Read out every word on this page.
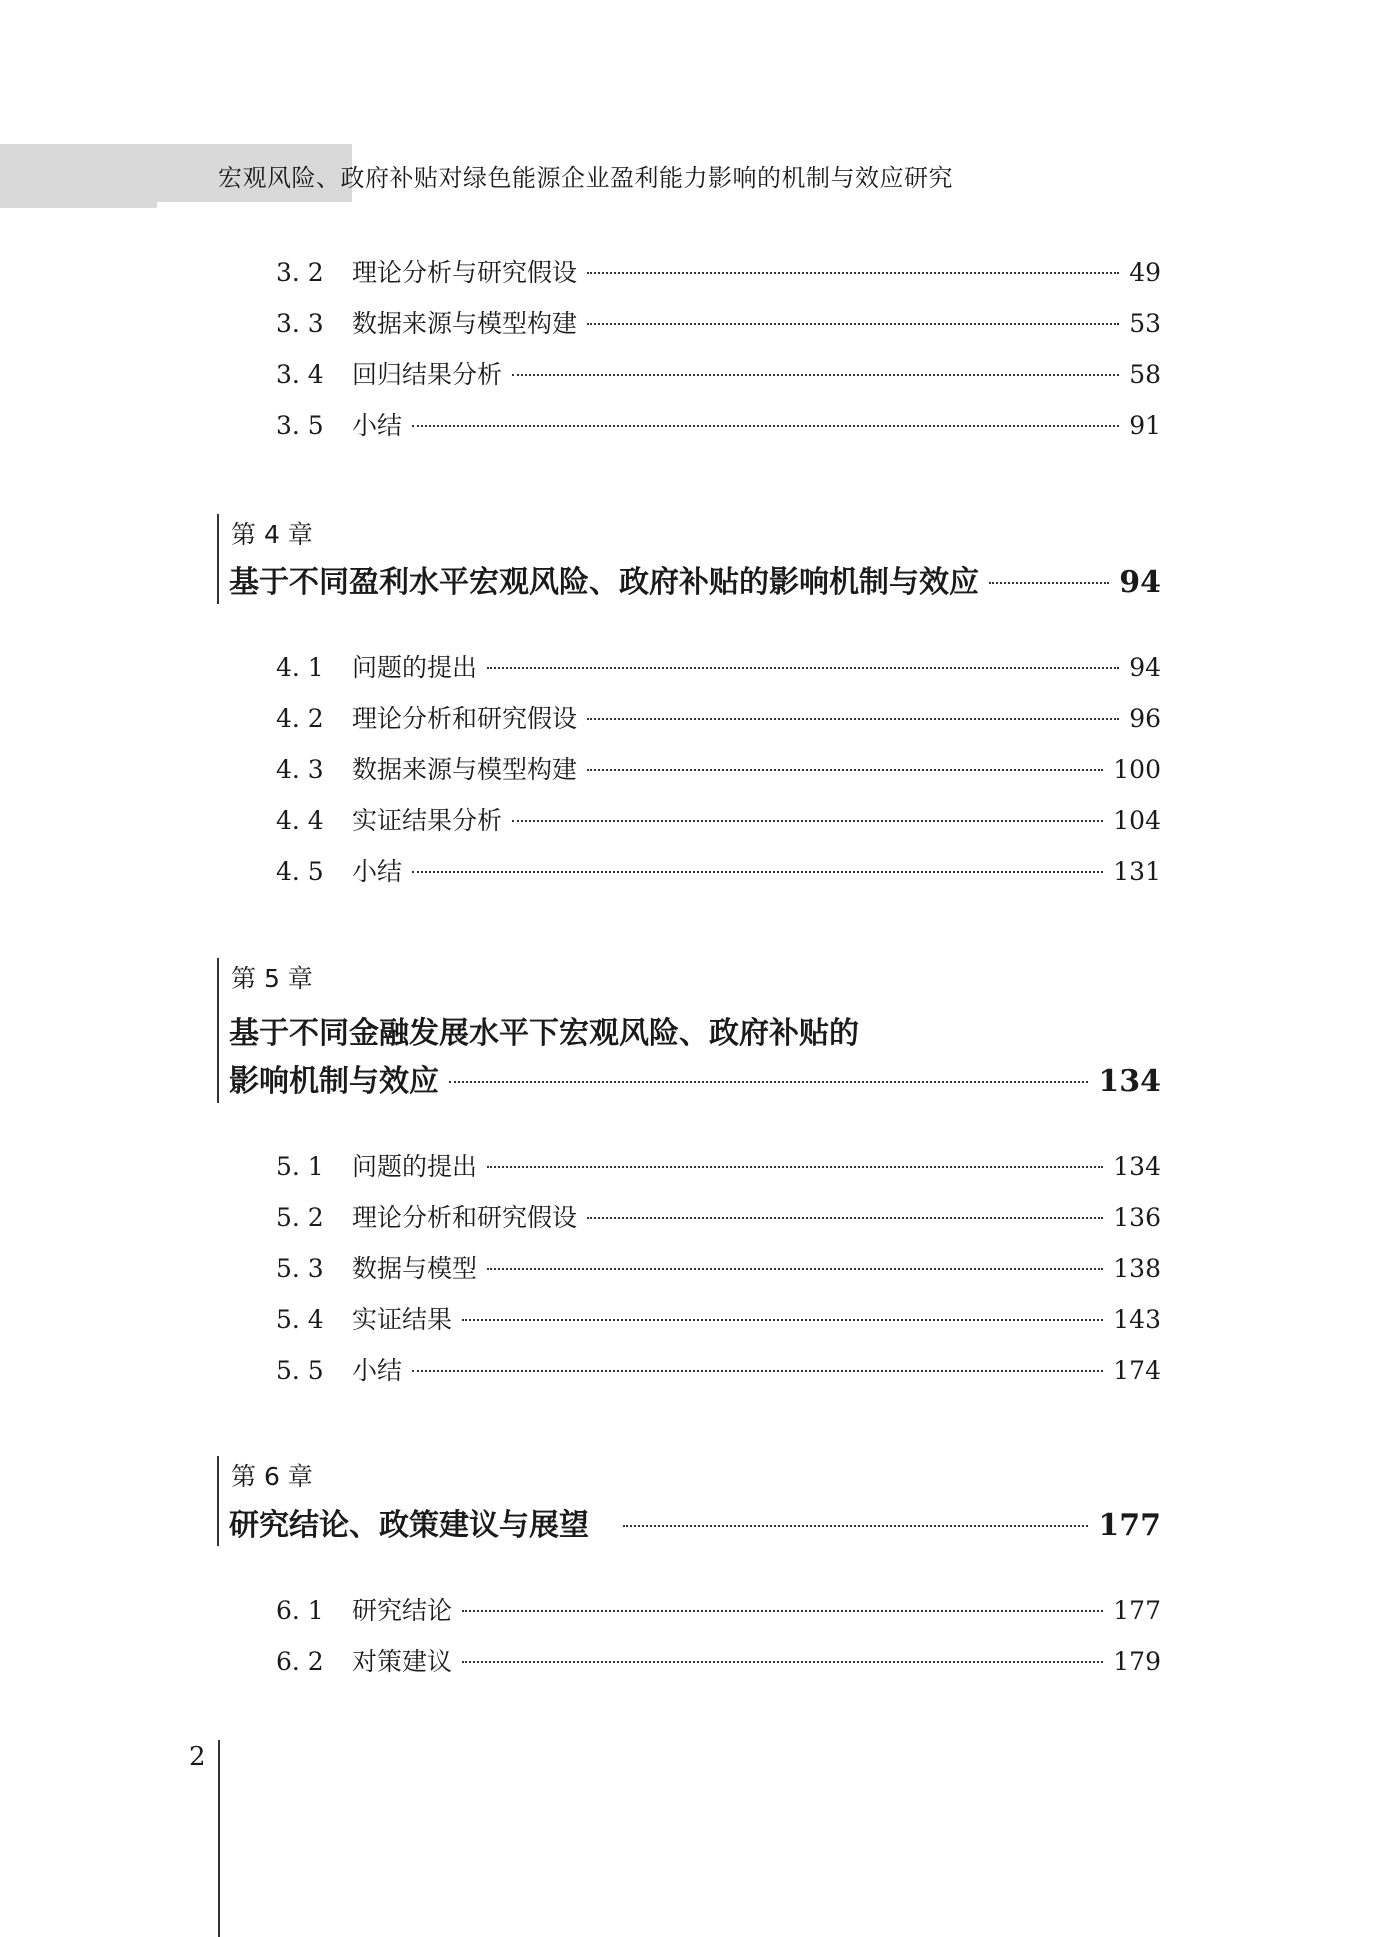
宏观风险、政府补贴对绿色能源企业盈利能力影响的机制与效应研究
3. 2	理论分析与研究假设	49
3. 3	数据来源与模型构建	53
3. 4	回归结果分析	58
3. 5	小结	91
第 4 章
基于不同盈利水平宏观风险、政府补贴的影响机制与效应	94
4. 1	问题的提出	94
4. 2	理论分析和研究假设	96
4. 3	数据来源与模型构建	100
4. 4	实证结果分析	104
4. 5	小结	131
第 5 章
基于不同金融发展水平下宏观风险、政府补贴的
影响机制与效应	134
5. 1	问题的提出	134
5. 2	理论分析和研究假设	136
5. 3	数据与模型	138
5. 4	实证结果	143
5. 5	小结	174
第 6 章
研究结论、政策建议与展望	177
6. 1	研究结论	177
6. 2	对策建议	179
2
